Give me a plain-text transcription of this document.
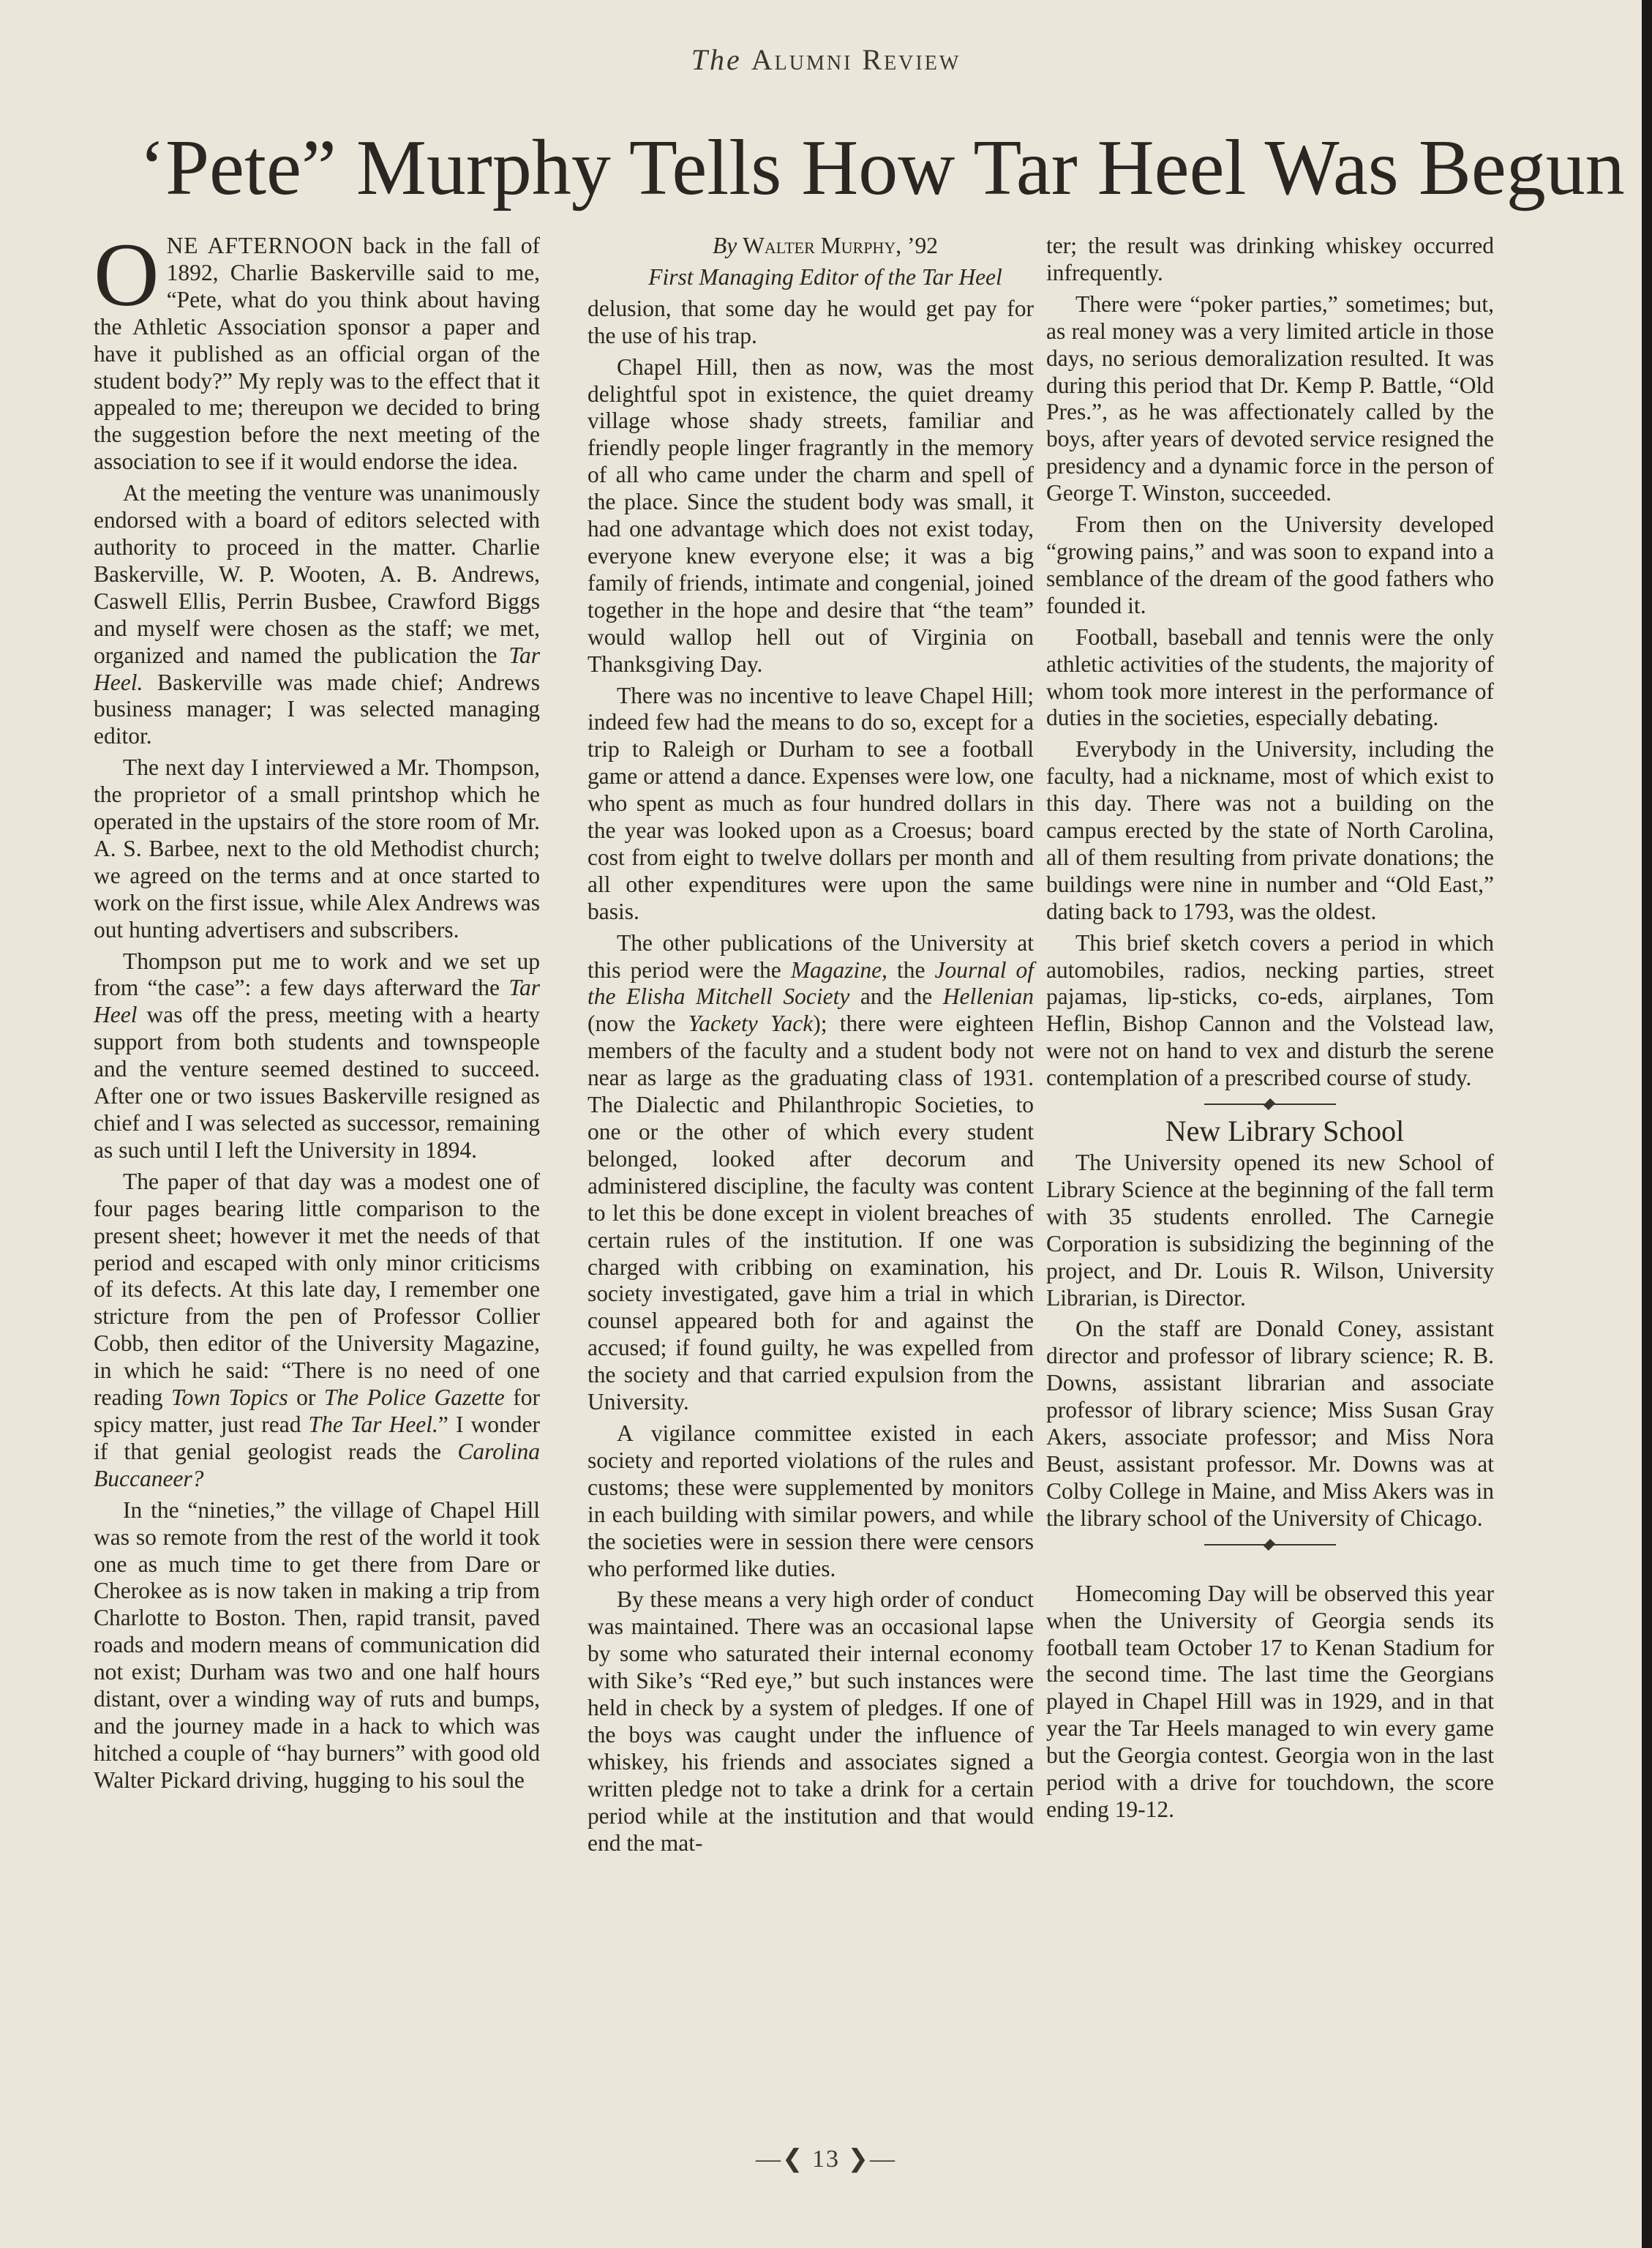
The Alumni Review
‘Pete” Murphy Tells How Tar Heel Was Begun

ONE AFTERNOON back in the fall of 1892, Charlie Baskerville said to me, “Pete, what do you think about having the Athletic Association sponsor a paper and have it published as an official organ of the student body?” My reply was to the effect that it appealed to me; thereupon we decided to bring the suggestion before the next meeting of the association to see if it would endorse the idea.

At the meeting the venture was unanimously endorsed with a board of editors selected with authority to proceed in the matter. Charlie Baskerville, W. P. Wooten, A. B. Andrews, Caswell Ellis, Perrin Busbee, Crawford Biggs and myself were chosen as the staff; we met, organized and named the publication the Tar Heel. Baskerville was made chief; Andrews business manager; I was selected managing editor.

The next day I interviewed a Mr. Thompson, the proprietor of a small printshop which he operated in the upstairs of the store room of Mr. A. S. Barbee, next to the old Methodist church; we agreed on the terms and at once started to work on the first issue, while Alex Andrews was out hunting advertisers and subscribers.

Thompson put me to work and we set up from “the case”: a few days afterward the Tar Heel was off the press, meeting with a hearty support from both students and townspeople and the venture seemed destined to succeed. After one or two issues Baskerville resigned as chief and I was selected as successor, remaining as such until I left the University in 1894.

The paper of that day was a modest one of four pages bearing little comparison to the present sheet; however it met the needs of that period and escaped with only minor criticisms of its defects. At this late day, I remember one stricture from the pen of Professor Collier Cobb, then editor of the University Magazine, in which he said: “There is no need of one reading Town Topics or The Police Gazette for spicy matter, just read The Tar Heel.” I wonder if that genial geologist reads the Carolina Buccaneer?

In the “nineties,” the village of Chapel Hill was so remote from the rest of the world it took one as much time to get there from Dare or Cherokee as is now taken in making a trip from Charlotte to Boston. Then, rapid transit, paved roads and modern means of communication did not exist; Durham was two and one half hours distant, over a winding way of ruts and bumps, and the journey made in a hack to which was hitched a couple of “hay burners” with good old Walter Pickard driving, hugging to his soul the

By Walter Murphy, ’92

First Managing Editor of the Tar Heel

delusion, that some day he would get pay for the use of his trap.

Chapel Hill, then as now, was the most delightful spot in existence, the quiet dreamy village whose shady streets, familiar and friendly people linger fragrantly in the memory of all who came under the charm and spell of the place. Since the student body was small, it had one advantage which does not exist today, everyone knew everyone else; it was a big family of friends, intimate and congenial, joined together in the hope and desire that “the team” would wallop hell out of Virginia on Thanksgiving Day.

There was no incentive to leave Chapel Hill; indeed few had the means to do so, except for a trip to Raleigh or Durham to see a football game or attend a dance. Expenses were low, one who spent as much as four hundred dollars in the year was looked upon as a Croesus; board cost from eight to twelve dollars per month and all other expenditures were upon the same basis.

The other publications of the University at this period were the Magazine, the Journal of the Elisha Mitchell Society and the Hellenian (now the Yackety Yack); there were eighteen members of the faculty and a student body not near as large as the graduating class of 1931. The Dialectic and Philanthropic Societies, to one or the other of which every student belonged, looked after decorum and administered discipline, the faculty was content to let this be done except in violent breaches of certain rules of the institution. If one was charged with cribbing on examination, his society investigated, gave him a trial in which counsel appeared both for and against the accused; if found guilty, he was expelled from the society and that carried expulsion from the University.

A vigilance committee existed in each society and reported violations of the rules and customs; these were supplemented by monitors in each building with similar powers, and while the societies were in session there were censors who performed like duties.

By these means a very high order of conduct was maintained. There was an occasional lapse by some who saturated their internal economy with Sike’s “Red eye,” but such instances were held in check by a system of pledges. If one of the boys was caught under the influence of whiskey, his friends and associates signed a written pledge not to take a drink for a certain period while at the institution and that would end the mat-

ter; the result was drinking whiskey occurred infrequently.

There were “poker parties,” sometimes; but, as real money was a very limited article in those days, no serious demoralization resulted. It was during this period that Dr. Kemp P. Battle, “Old Pres.”, as he was affectionately called by the boys, after years of devoted service resigned the presidency and a dynamic force in the person of George T. Winston, succeeded.

From then on the University developed “growing pains,” and was soon to expand into a semblance of the dream of the good fathers who founded it.

Football, baseball and tennis were the only athletic activities of the students, the majority of whom took more interest in the performance of duties in the societies, especially debating.

Everybody in the University, including the faculty, had a nickname, most of which exist to this day. There was not a building on the campus erected by the state of North Carolina, all of them resulting from private donations; the buildings were nine in number and “Old East,” dating back to 1793, was the oldest.

This brief sketch covers a period in which automobiles, radios, necking parties, street pajamas, lip-sticks, co-eds, airplanes, Tom Heflin, Bishop Cannon and the Volstead law, were not on hand to vex and disturb the serene contemplation of a prescribed course of study.

New Library School

The University opened its new School of Library Science at the beginning of the fall term with 35 students enrolled. The Carnegie Corporation is subsidizing the beginning of the project, and Dr. Louis R. Wilson, University Librarian, is Director.

On the staff are Donald Coney, assistant director and professor of library science; R. B. Downs, assistant librarian and associate professor of library science; Miss Susan Gray Akers, associate professor; and Miss Nora Beust, assistant professor. Mr. Downs was at Colby College in Maine, and Miss Akers was in the library school of the University of Chicago.

Homecoming Day will be observed this year when the University of Georgia sends its football team October 17 to Kenan Stadium for the second time. The last time the Georgians played in Chapel Hill was in 1929, and in that year the Tar Heels managed to win every game but the Georgia contest. Georgia won in the last period with a drive for touchdown, the score ending 19-12.

—❮ 13 ❯—
